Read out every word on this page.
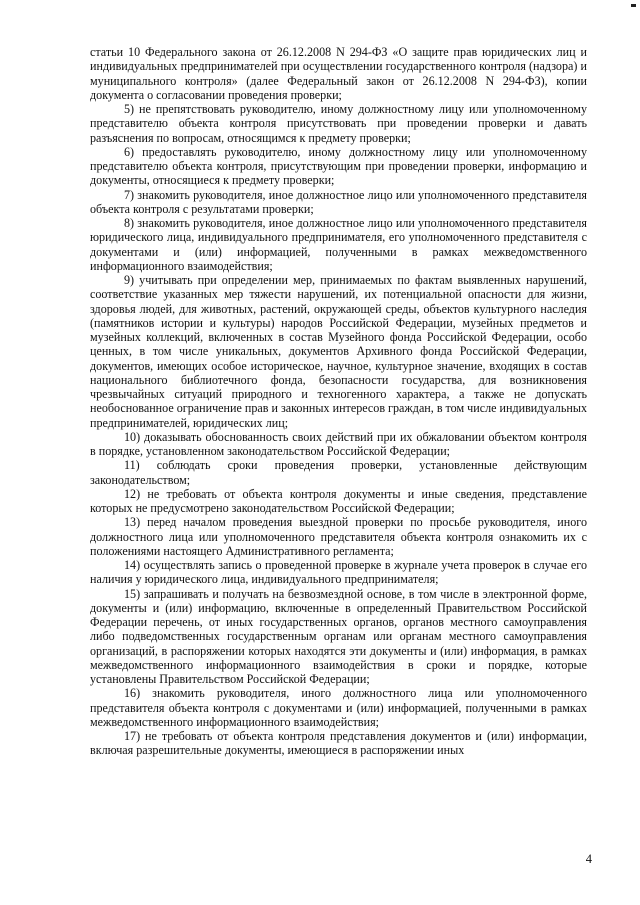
статьи 10 Федерального закона от 26.12.2008 N 294-ФЗ «О защите прав юридических лиц и индивидуальных предпринимателей при осуществлении государственного контроля (надзора) и муниципального контроля» (далее Федеральный закон от 26.12.2008 N 294-ФЗ), копии документа о согласовании проведения проверки;

5) не препятствовать руководителю, иному должностному лицу или уполномоченному представителю объекта контроля присутствовать при проведении проверки и давать разъяснения по вопросам, относящимся к предмету проверки;

6) предоставлять руководителю, иному должностному лицу или уполномоченному представителю объекта контроля, присутствующим при проведении проверки, информацию и документы, относящиеся к предмету проверки;

7) знакомить руководителя, иное должностное лицо или уполномоченного представителя объекта контроля с результатами проверки;

8) знакомить руководителя, иное должностное лицо или уполномоченного представителя юридического лица, индивидуального предпринимателя, его уполномоченного представителя с документами и (или) информацией, полученными в рамках межведомственного информационного взаимодействия;

9) учитывать при определении мер, принимаемых по фактам выявленных нарушений, соответствие указанных мер тяжести нарушений, их потенциальной опасности для жизни, здоровья людей, для животных, растений, окружающей среды, объектов культурного наследия (памятников истории и культуры) народов Российской Федерации, музейных предметов и музейных коллекций, включенных в состав Музейного фонда Российской Федерации, особо ценных, в том числе уникальных, документов Архивного фонда Российской Федерации, документов, имеющих особое историческое, научное, культурное значение, входящих в состав национального библиотечного фонда, безопасности государства, для возникновения чрезвычайных ситуаций природного и техногенного характера, а также не допускать необоснованное ограничение прав и законных интересов граждан, в том числе индивидуальных предпринимателей, юридических лиц;

10) доказывать обоснованность своих действий при их обжаловании объектом контроля в порядке, установленном законодательством Российской Федерации;

11) соблюдать сроки проведения проверки, установленные действующим законодательством;

12) не требовать от объекта контроля документы и иные сведения, представление которых не предусмотрено законодательством Российской Федерации;

13) перед началом проведения выездной проверки по просьбе руководителя, иного должностного лица или уполномоченного представителя объекта контроля ознакомить их с положениями настоящего Административного регламента;

14) осуществлять запись о проведенной проверке в журнале учета проверок в случае его наличия у юридического лица, индивидуального предпринимателя;

15) запрашивать и получать на безвозмездной основе, в том числе в электронной форме, документы и (или) информацию, включенные в определенный Правительством Российской Федерации перечень, от иных государственных органов, органов местного самоуправления либо подведомственных государственным органам или органам местного самоуправления организаций, в распоряжении которых находятся эти документы и (или) информация, в рамках межведомственного информационного взаимодействия в сроки и порядке, которые установлены Правительством Российской Федерации;

16) знакомить руководителя, иного должностного лица или уполномоченного представителя объекта контроля с документами и (или) информацией, полученными в рамках межведомственного информационного взаимодействия;

17) не требовать от объекта контроля представления документов и (или) информации, включая разрешительные документы, имеющиеся в распоряжении иных

4
